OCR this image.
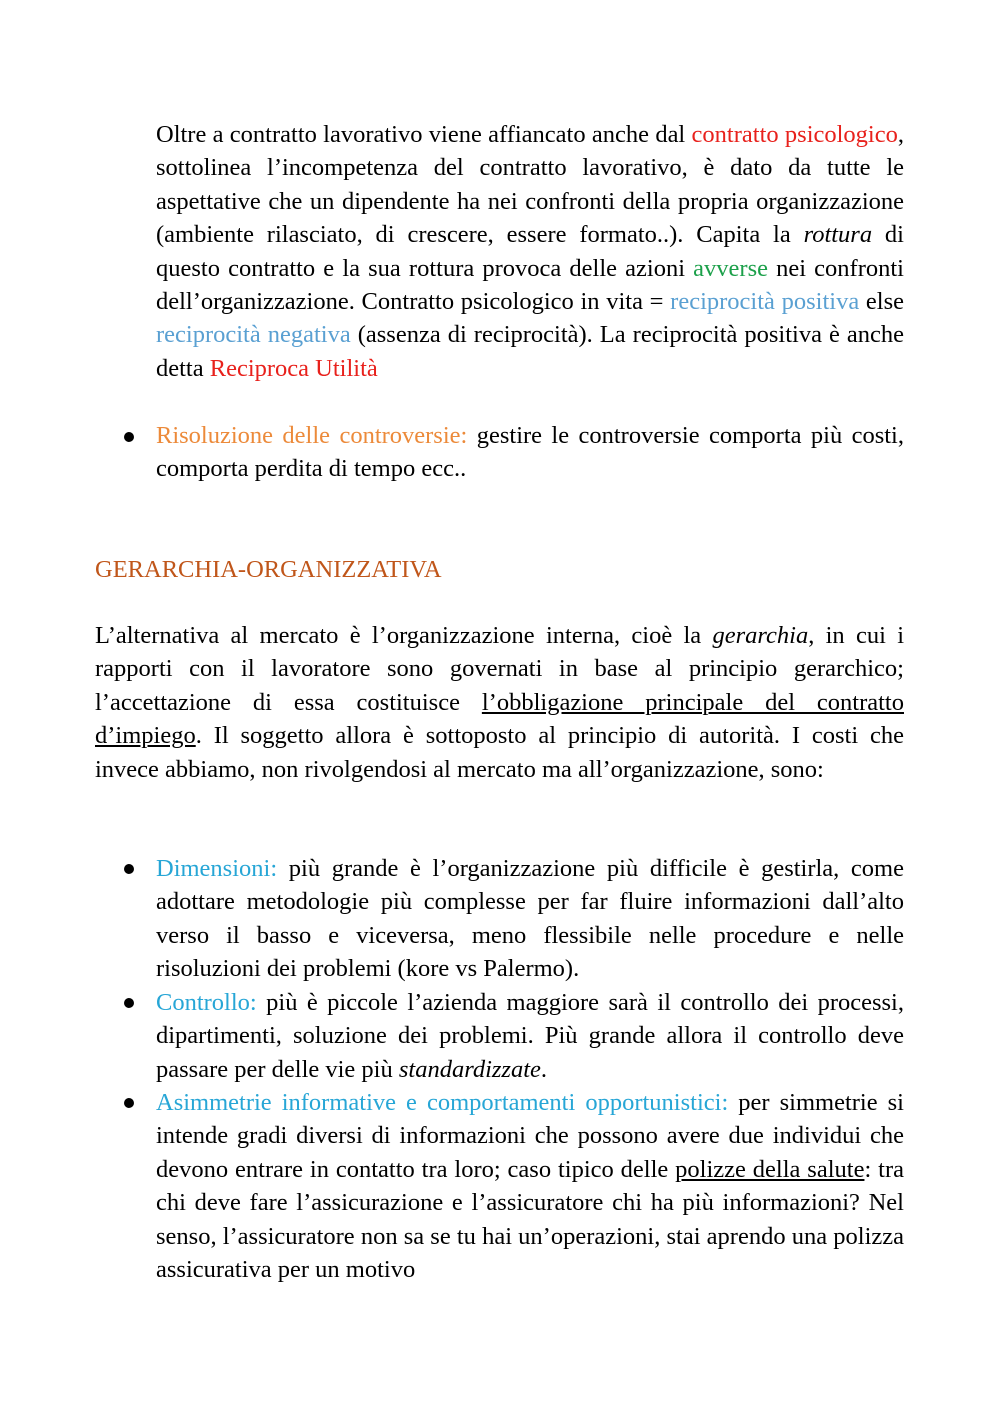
Oltre a contratto lavorativo viene affiancato anche dal contratto psicologico, sottolinea l’incompetenza del contratto lavorativo, è dato da tutte le aspettative che un dipendente ha nei confronti della propria organizzazione (ambiente rilasciato, di crescere, essere formato..). Capita la rottura di questo contratto e la sua rottura provoca delle azioni avverse nei confronti dell’organizzazione. Contratto psicologico in vita = reciprocità positiva else reciprocità negativa (assenza di reciprocità). La reciprocità positiva è anche detta Reciproca Utilità

Risoluzione delle controversie: gestire le controversie comporta più costi, comporta perdita di tempo ecc..

GERARCHIA-ORGANIZZATIVA

L’alternativa al mercato è l’organizzazione interna, cioè la gerarchia, in cui i rapporti con il lavoratore sono governati in base al principio gerarchico; l’accettazione di essa costituisce l’obbligazione principale del contratto d’impiego. Il soggetto allora è sottoposto al principio di autorità. I costi che invece abbiamo, non rivolgendosi al mercato ma all’organizzazione, sono:

Dimensioni: più grande è l’organizzazione più difficile è gestirla, come adottare metodologie più complesse per far fluire informazioni dall’alto verso il basso e viceversa, meno flessibile nelle procedure e nelle risoluzioni dei problemi (kore vs Palermo).

Controllo: più è piccole l’azienda maggiore sarà il controllo dei processi, dipartimenti, soluzione dei problemi. Più grande allora il controllo deve passare per delle vie più standardizzate.

Asimmetrie informative e comportamenti opportunistici: per simmetrie si intende gradi diversi di informazioni che possono avere due individui che devono entrare in contatto tra loro; caso tipico delle polizze della salute: tra chi deve fare l’assicurazione e l’assicuratore chi ha più informazioni? Nel senso, l’assicuratore non sa se tu hai un’operazioni, stai aprendo una polizza assicurativa per un motivo
